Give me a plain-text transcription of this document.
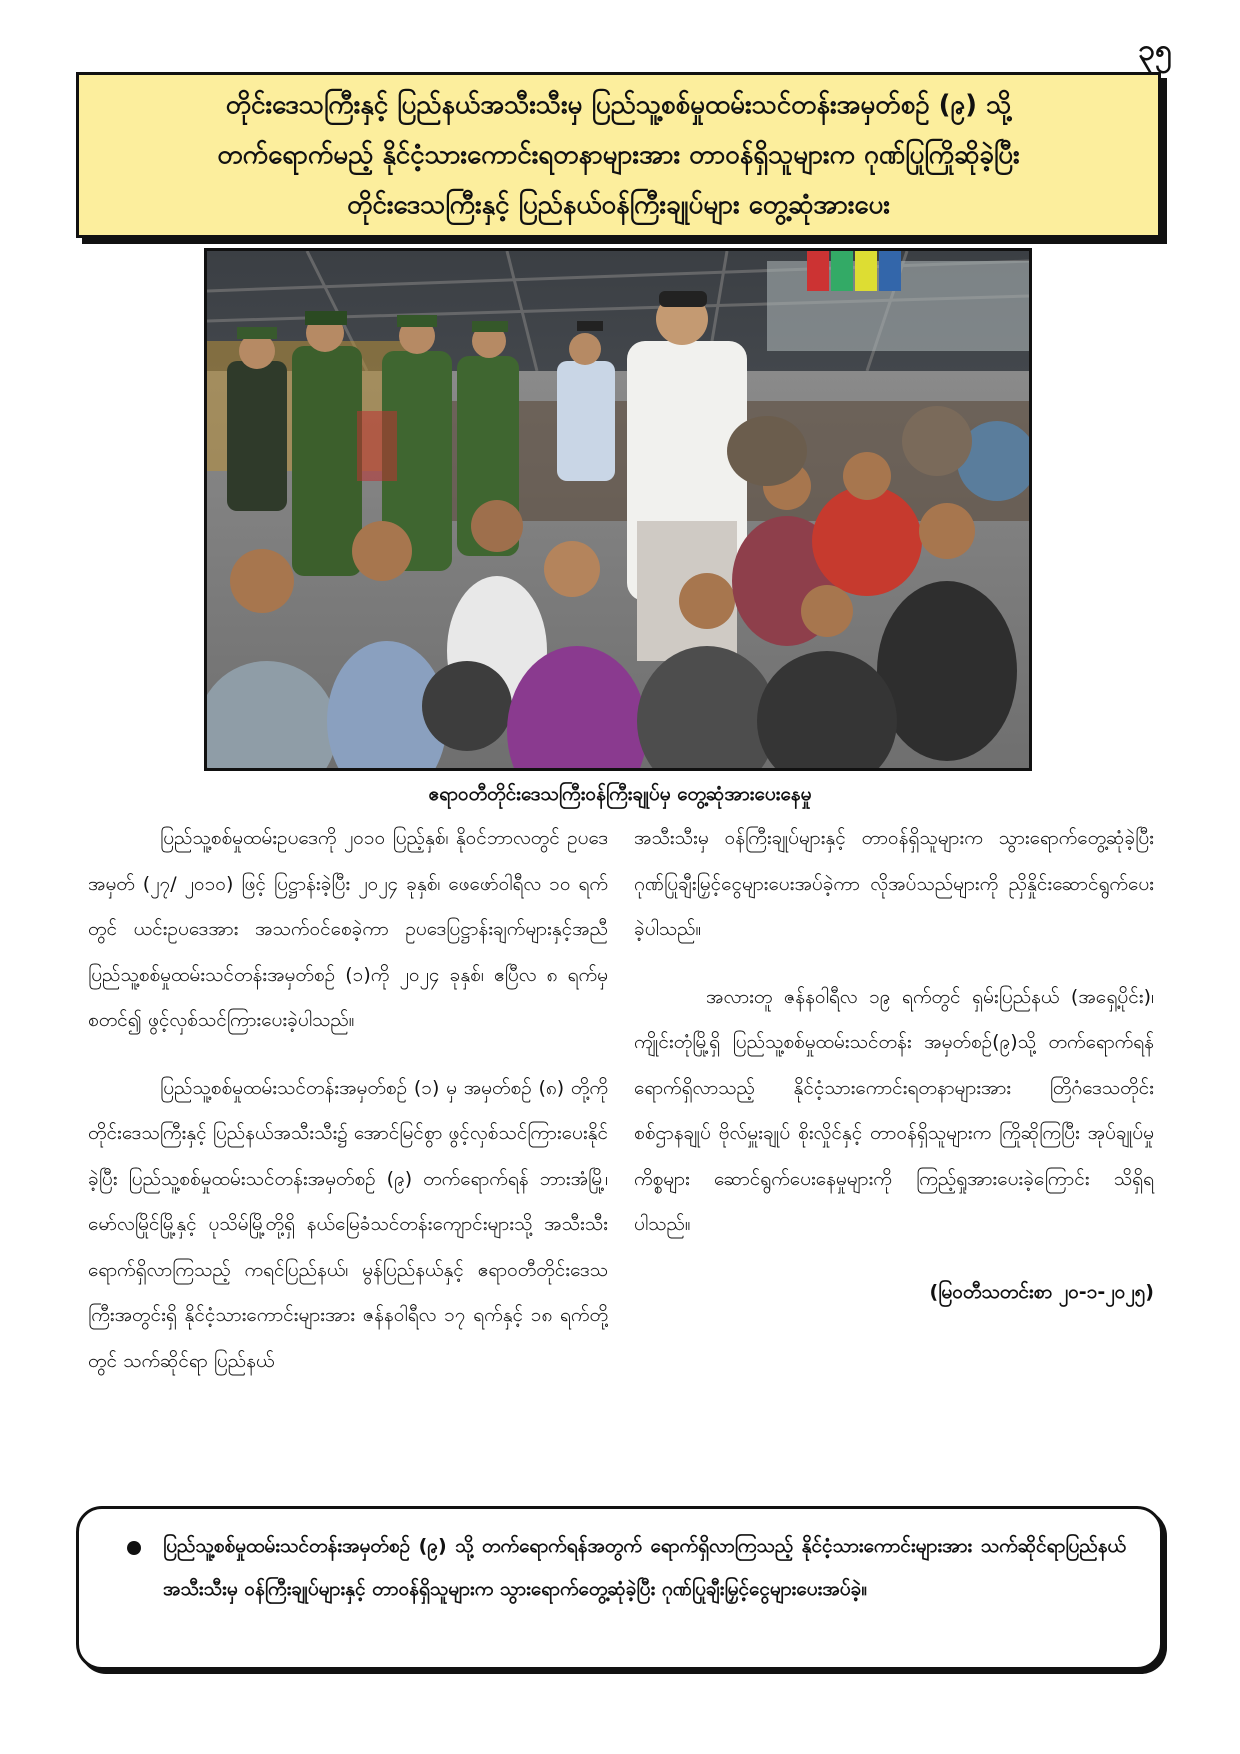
၃၅
တိုင်းဒေသကြီးနှင့် ပြည်နယ်အသီးသီးမှ ပြည်သူ့စစ်မှုထမ်းသင်တန်းအမှတ်စဉ် (၉) သို့
တက်ရောက်မည့် နိုင်ငံ့သားကောင်းရတနာများအား တာဝန်ရှိသူများက ဂုဏ်ပြုကြိုဆိုခဲ့ပြီး
တိုင်းဒေသကြီးနှင့် ပြည်နယ်ဝန်ကြီးချုပ်များ တွေ့ဆုံအားပေး
ဧရာဝတီတိုင်းဒေသကြီးဝန်ကြီးချုပ်မှ တွေ့ဆုံအားပေးနေမှု

ပြည်သူ့စစ်မှုထမ်းဥပဒေကို ၂၀၁၀ ပြည့်နှစ်၊ နိုဝင်ဘာလတွင် ဥပဒေအမှတ် (၂၇/ ၂၀၁၀) ဖြင့် ပြဋ္ဌာန်းခဲ့ပြီး ၂၀၂၄ ခုနှစ်၊ ဖေဖော်ဝါရီလ ၁၀ ရက်တွင် ယင်းဥပဒေအား အသက်ဝင်စေခဲ့ကာ ဥပဒေပြဋ္ဌာန်းချက်များနှင့်အညီ ပြည်သူ့စစ်မှုထမ်းသင်တန်းအမှတ်စဉ် (၁)ကို ၂၀၂၄ ခုနှစ်၊ ဧပြီလ ၈ ရက်မှ စတင်၍ ဖွင့်လှစ်သင်ကြားပေးခဲ့ပါသည်။

ပြည်သူ့စစ်မှုထမ်းသင်တန်းအမှတ်စဉ် (၁) မှ အမှတ်စဉ် (၈) တို့ကို တိုင်းဒေသကြီးနှင့် ပြည်နယ်အသီးသီး၌ အောင်မြင်စွာ ဖွင့်လှစ်သင်ကြားပေးနိုင်ခဲ့ပြီး ပြည်သူ့စစ်မှုထမ်းသင်တန်းအမှတ်စဉ် (၉) တက်ရောက်ရန် ဘားအံမြို့၊ မော်လမြိုင်မြို့နှင့် ပုသိမ်မြို့တို့ရှိ နယ်မြေခံသင်တန်းကျောင်းများသို့ အသီးသီးရောက်ရှိလာကြသည့် ကရင်ပြည်နယ်၊ မွန်ပြည်နယ်နှင့် ဧရာဝတီတိုင်းဒေသကြီးအတွင်းရှိ နိုင်ငံ့သားကောင်းများအား ဇန်နဝါရီလ ၁၇ ရက်နှင့် ၁၈ ရက်တို့တွင် သက်ဆိုင်ရာ ပြည်နယ်

အသီးသီးမှ ဝန်ကြီးချုပ်များနှင့် တာဝန်ရှိသူများက သွားရောက်တွေ့ဆုံခဲ့ပြီး ဂုဏ်ပြုချီးမြှင့်ငွေများပေးအပ်ခဲ့ကာ လိုအပ်သည်များကို ညှိနှိုင်းဆောင်ရွက်ပေးခဲ့ပါသည်။

အလားတူ ဇန်နဝါရီလ ၁၉ ရက်တွင် ရှမ်းပြည်နယ် (အရှေ့ပိုင်း)၊ ကျိုင်းတုံမြို့ရှိ ပြည်သူ့စစ်မှုထမ်းသင်တန်း အမှတ်စဉ်(၉)သို့ တက်ရောက်ရန် ရောက်ရှိလာသည့် နိုင်ငံ့သားကောင်းရတနာများအား တြိဂံဒေသတိုင်းစစ်ဌာနချုပ် ဗိုလ်မှူးချုပ် စိုးလှိုင်နှင့် တာဝန်ရှိသူများက ကြိုဆိုကြပြီး အုပ်ချုပ်မှုကိစ္စများ ဆောင်ရွက်ပေးနေမှုများကို ကြည့်ရှုအားပေးခဲ့ကြောင်း သိရှိရပါသည်။

(မြဝတီသတင်းစာ ၂၀-၁-၂၀၂၅)

ပြည်သူ့စစ်မှုထမ်းသင်တန်းအမှတ်စဉ် (၉) သို့ တက်ရောက်ရန်အတွက် ရောက်ရှိလာကြသည့် နိုင်ငံ့သားကောင်းများအား သက်ဆိုင်ရာပြည်နယ်အသီးသီးမှ ဝန်ကြီးချုပ်များနှင့် တာဝန်ရှိသူများက သွားရောက်တွေ့ဆုံခဲ့ပြီး ဂုဏ်ပြုချီးမြှင့်ငွေများပေးအပ်ခဲ့။
